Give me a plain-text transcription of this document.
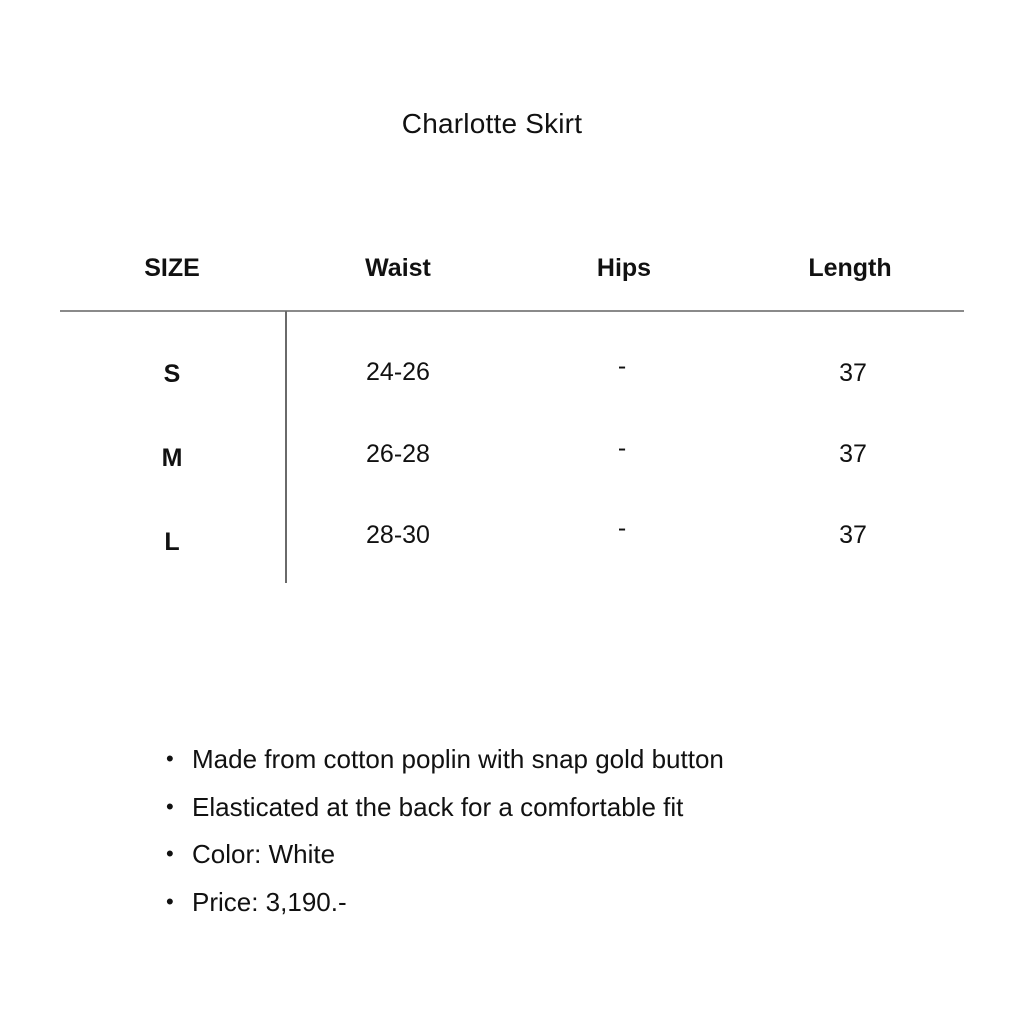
Charlotte Skirt
SIZE	Waist	Hips	Length
S	24-26	-	37
M	26-28	-	37
L	28-30	-	37
• Made from cotton poplin with snap gold button
• Elasticated at the back for a comfortable fit
• Color: White
• Price: 3,190.-
